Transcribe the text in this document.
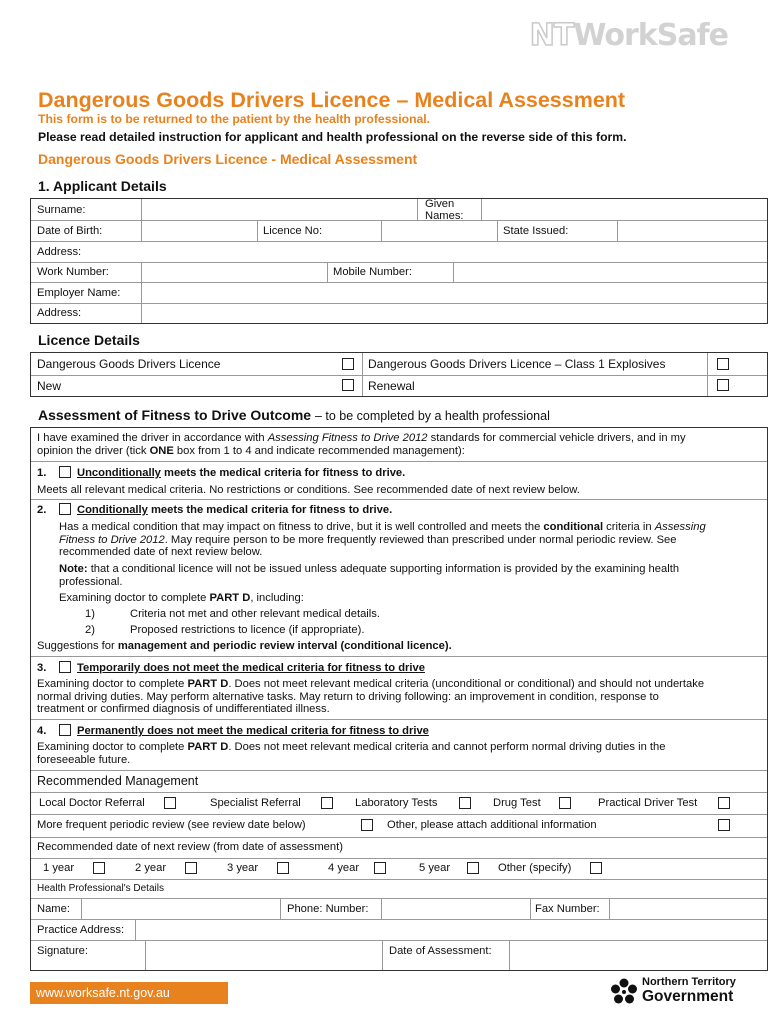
NTWorkSafe
Dangerous Goods Drivers Licence – Medical Assessment
This form is to be returned to the patient by the health professional.
Please read detailed instruction for applicant and health professional on the reverse side of this form.
Dangerous Goods Drivers Licence - Medical Assessment
1. Applicant Details
Surname:	Given Names:
Date of Birth:	Licence No:	State Issued:
Address:
Work Number:	Mobile Number:
Employer Name:
Address:
Licence Details
Dangerous Goods Drivers Licence	Dangerous Goods Drivers Licence – Class 1 Explosives
New	Renewal
Assessment of Fitness to Drive Outcome – to be completed by a health professional
I have examined the driver in accordance with Assessing Fitness to Drive 2012 standards for commercial vehicle drivers, and in my
opinion the driver (tick ONE box from 1 to 4 and indicate recommended management):
1.	Unconditionally meets the medical criteria for fitness to drive.
Meets all relevant medical criteria. No restrictions or conditions. See recommended date of next review below.
2.	Conditionally meets the medical criteria for fitness to drive.
Has a medical condition that may impact on fitness to drive, but it is well controlled and meets the conditional criteria in Assessing
Fitness to Drive 2012. May require person to be more frequently reviewed than prescribed under normal periodic review. See
recommended date of next review below.
Note: that a conditional licence will not be issued unless adequate supporting information is provided by the examining health
professional.
Examining doctor to complete PART D, including:
1)	Criteria not met and other relevant medical details.
2)	Proposed restrictions to licence (if appropriate).
Suggestions for management and periodic review interval (conditional licence).
3.	Temporarily does not meet the medical criteria for fitness to drive
Examining doctor to complete PART D. Does not meet relevant medical criteria (unconditional or conditional) and should not undertake
normal driving duties. May perform alternative tasks. May return to driving following: an improvement in condition, response to
treatment or confirmed diagnosis of undifferentiated illness.
4.	Permanently does not meet the medical criteria for fitness to drive
Examining doctor to complete PART D. Does not meet relevant medical criteria and cannot perform normal driving duties in the
foreseeable future.
Recommended Management
Local Doctor Referral	Specialist Referral	Laboratory Tests	Drug Test	Practical Driver Test
More frequent periodic review (see review date below)	Other, please attach additional information
Recommended date of next review (from date of assessment)
1 year	2 year	3 year	4 year	5 year	Other (specify)
Health Professional's Details
Name:	Phone: Number:	Fax Number:
Practice Address:
Signature:	Date of Assessment:
www.worksafe.nt.gov.au
Northern Territory
Government
